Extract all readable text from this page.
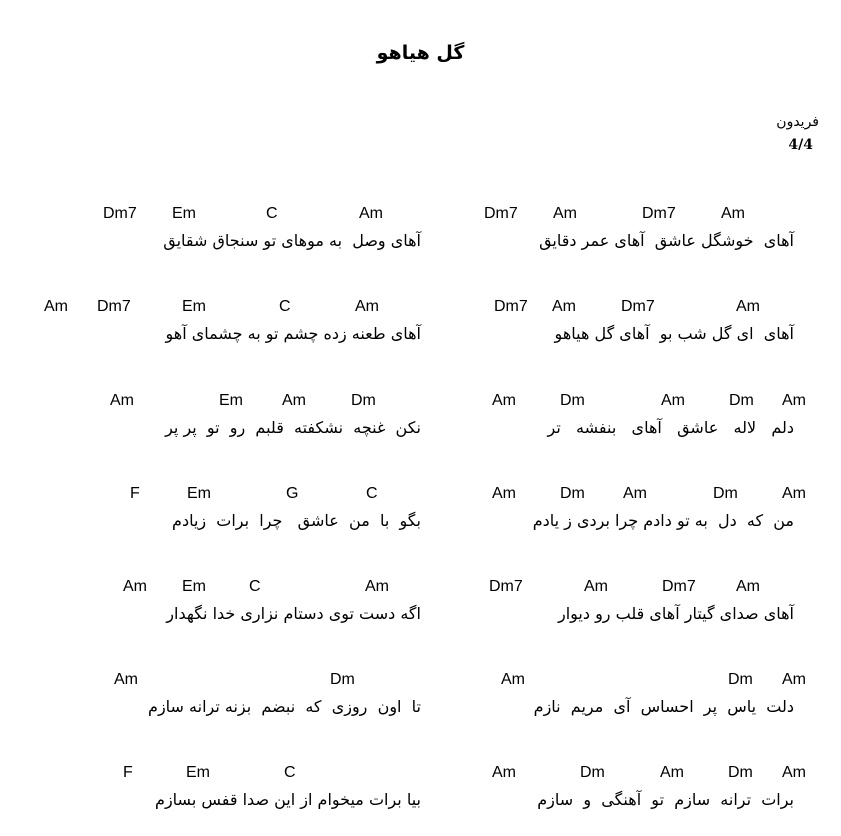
گل هیاهو
فریدون
4/4
Dm7 Am	Dm7	Am
آهای  خوشگل عاشق  آهای عمر دقایق
Dm7 Em	C	Am
آهای وصل  به موهای تو سنجاق شقایق
Dm7 Am	Dm7	Am
آهای  ای گل شب بو  آهای گل هیاهو
Am Dm7	Em	C	Am
آهای طعنه زده چشم تو به چشمای آهو
Am	Dm	Am	Dm Am
دلم   لاله   عاشق   آهای   بنفشه   تر
Am	Em Am	Dm
نکن  غنچه  نشکفته  قلبم  رو  تو  پر پر
Am	Dm Am	Dm	Am
من  که  دل  به تو دادم چرا بردی ز یادم
F	Em	G	C
بگو  با  من  عاشق   چرا  برات  زیادم
Dm7	Am	Dm7	Am
آهای صدای گیتار آهای قلب رو دیوار
Am Em	C	Am
اگه دست توی دستام نزاری خدا نگهدار
Am	Dm Am
دلت  یاس  پر  احساس  آی  مریم  نازم
Am	Dm
تا  اون  روزی  که  نبضم  بزنه ترانه سازم
Am	Dm	Am	Dm Am
برات  ترانه  سازم  تو  آهنگی  و  سازم
F	Em	C
بیا برات میخوام از این صدا قفس بسازم
